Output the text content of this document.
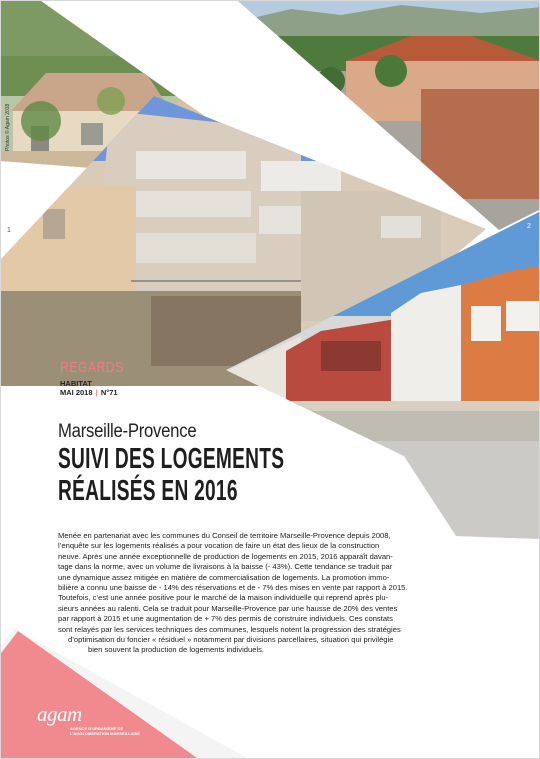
Photos © Agam 2018
1
2
REGARDS
HABITAT
MAI 2018 | N°71
Marseille-Provence
SUIVI DES LOGEMENTS
RÉALISÉS EN 2016
Menée en partenariat avec les communes du Conseil de territoire Marseille-Provence depuis 2008,
l’enquête sur les logements réalisés a pour vocation de faire un état des lieux de la construction
neuve. Après une année exceptionnelle de production de logements en 2015, 2016 apparaît davan-
tage dans la norme, avec un volume de livraisons à la baisse (- 43%). Cette tendance se traduit par
une dynamique assez mitigée en matière de commercialisation de logements. La promotion immo-
bilière a connu une baisse de - 14% des réservations et de - 7% des mises en vente par rapport à 2015.
Toutefois, c’est une année positive pour le marché de la maison individuelle qui reprend après plu-
sieurs années au ralenti. Cela se traduit pour Marseille-Provence par une hausse de 20% des ventes
par rapport à 2015 et une augmentation de + 7% des permis de construire individuels. Ces constats
sont relayés par les services techniques des communes, lesquels notent la progression des stratégies
d’optimisation du foncier « résiduel » notamment par divisions parcellaires, situation qui privilégie
bien souvent la production de logements individuels.
agam
AGENCE D’URBANISME DE L’AGGLOMÉRATION MARSEILLAISE
